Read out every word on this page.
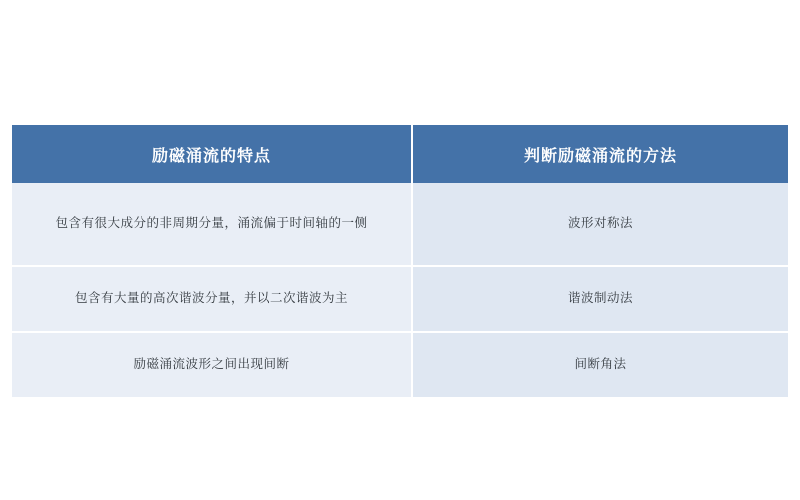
励磁涌流的特点	判断励磁涌流的方法

包含有很大成分的非周期分量，涌流偏于时间轴的一侧	波形对称法

包含有大量的高次谐波分量，并以二次谐波为主	谐波制动法

励磁涌流波形之间出现间断	间断角法
